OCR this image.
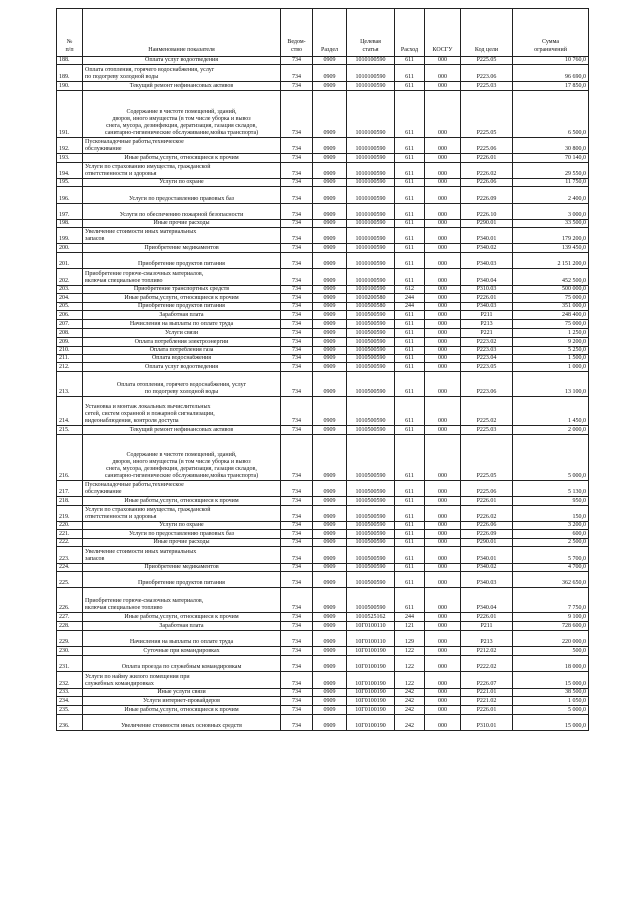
№
п/п	Наименование показателя	Ведом-
ство	Раздел	Целевая
статья	Расход	КОСГУ	Код цели	Сумма
ограничений
188.	Оплата услуг водоотведения	734	0909	1010100590	611	000	P225.05	10 760,0
189.	Оплата отопления, горячего водоснабжения, услуг
по подогреву холодной воды	734	0909	1010100590	611	000	P223.06	96 690,0
190.	Текущий ремонт нефинансовых активов	734	0909	1010100590	611	000	P225.03	17 850,0
191.	Содержание в чистоте помещений, зданий,
дворов, иного имущества (в том числе уборка и вывоз
снега, мусора, дезинфекция, дератизация, газация складов,
санитарно-гигиенические обслуживание,мойка транспорта)	734	0909	1010100590	611	000	P225.05	6 500,0
192.	Пусконаладочные работы,техническое
обслуживание	734	0909	1010100590	611	000	P225.06	30 800,0
193.	Иные работы,услуги, относящиеся к прочим	734	0909	1010100590	611	000	P226.01	70 140,0
194.	Услуги по страхованию имущества, гражданской
ответственности и здоровья	734	0909	1010100590	611	000	P226.02	29 550,0
195.	Услуги по охране	734	0909	1010100590	611	000	P226.06	11 750,0
196.	Услуги по предоставлению правовых баз	734	0909	1010100590	611	000	P226.09	2 400,0
197.	Услуги по обеспечению пожарной безопасности	734	0909	1010100590	611	000	P226.10	3 000,0
198.	Иные прочие расходы	734	0909	1010100590	611	000	P290.01	33 500,0
199.	Увеличение стоимости иных материальных
запасов	734	0909	1010100590	611	000	P340.01	179 200,0
200.	Приобретение медикаментов	734	0909	1010100590	611	000	P340.02	139 450,0
201.	Приобретение продуктов питания	734	0909	1010100590	611	000	P340.03	2 151 200,0
202.	Приобретение горюче-смазочных материалов,
включая специальное топливо	734	0909	1010100590	611	000	P340.04	452 500,0
203.	Приобретение транспортных средств	734	0909	1010100590	612	000	P310.03	500 000,0
204.	Иные работы,услуги, относящиеся к прочим	734	0909	1010200580	244	000	P226.01	75 000,0
205.	Приобретение продуктов питания	734	0909	1010500580	244	000	P340.03	351 000,0
206.	Заработная плата	734	0909	1010500590	611	000	P211	248 400,0
207.	Начисления на выплаты по оплате труда	734	0909	1010500590	611	000	P213	75 000,0
208.	Услуги связи	734	0909	1010500590	611	000	P221	1 250,0
209.	Оплата потребления электроэнергии	734	0909	1010500590	611	000	P223.02	9 200,0
210.	Оплата потребления газа	734	0909	1010500590	611	000	P223.03	5 250,0
211.	Оплата водоснабжения	734	0909	1010500590	611	000	P223.04	1 500,0
212.	Оплата услуг водоотведения	734	0909	1010500590	611	000	P223.05	1 000,0
213.	Оплата отопления, горячего водоснабжения, услуг
по подогреву холодной воды	734	0909	1010500590	611	000	P223.06	13 100,0
214.	Установка и монтаж локальных вычислительных
сетей, систем охранной и пожарной сигнализации,
видеонаблюдения, контроля доступа	734	0909	1010500590	611	000	P225.02	1 450,0
215.	Текущий ремонт нефинансовых активов	734	0909	1010500590	611	000	P225.03	2 000,0
216.	Содержание в чистоте помещений, зданий,
дворов, иного имущества (в том числе уборка и вывоз
снега, мусора, дезинфекция, дератизация, газация складов,
санитарно-гигиенические обслуживание,мойка транспорта)	734	0909	1010500590	611	000	P225.05	5 000,0
217.	Пусконаладочные работы,техническое
обслуживание	734	0909	1010500590	611	000	P225.06	5 130,0
218.	Иные работы,услуги, относящиеся к прочим	734	0909	1010500590	611	000	P226.01	950,0
219.	Услуги по страхованию имущества, гражданской
ответственности и здоровья	734	0909	1010500590	611	000	P226.02	150,0
220.	Услуги по охране	734	0909	1010500590	611	000	P226.06	3 200,0
221.	Услуги по предоставлению правовых баз	734	0909	1010500590	611	000	P226.09	600,0
222.	Иные прочие расходы	734	0909	1010500590	611	000	P290.01	2 500,0
223.	Увеличение стоимости иных материальных
запасов	734	0909	1010500590	611	000	P340.01	5 700,0
224.	Приобретение медикаментов	734	0909	1010500590	611	000	P340.02	4 700,0
225.	Приобретение продуктов питания	734	0909	1010500590	611	000	P340.03	362 650,0
226.	Приобретение горюче-смазочных материалов,
включая специальное топливо	734	0909	1010500590	611	000	P340.04	7 750,0
227.	Иные работы,услуги, относящиеся к прочим	734	0909	1010525162	244	000	P226.01	9 100,0
228.	Заработная плата	734	0909	10Г0100110	121	000	P211	728 600,0
229.	Начисления на выплаты по оплате труда	734	0909	10Г0100110	129	000	P213	220 000,0
230.	Суточные при командировках	734	0909	10Г0100190	122	000	P212.02	500,0
231.	Оплата проезда по служебным командировкам	734	0909	10Г0100190	122	000	P222.02	18 000,0
232.	Услуги по найму жилого помещения при
служебных командировках	734	0909	10Г0100190	122	000	P226.07	15 000,0
233.	Иные услуги связи	734	0909	10Г0100190	242	000	P221.01	38 500,0
234.	Услуги интернет-провайдеров	734	0909	10Г0100190	242	000	P221.02	1 050,0
235.	Иные работы,услуги, относящиеся к прочим	734	0909	10Г0100190	242	000	P226.01	5 000,0
236.	Увеличение стоимости иных основных средств	734	0909	10Г0100190	242	000	P310.01	15 000,0
